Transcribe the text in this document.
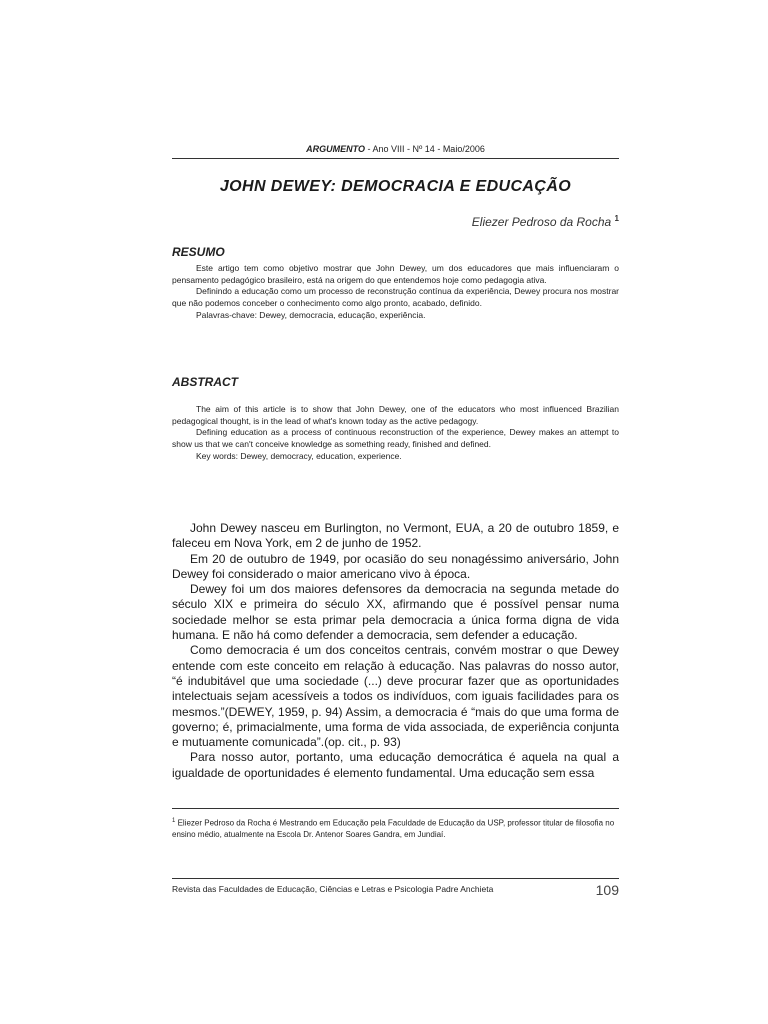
ARGUMENTO - Ano VIII - Nº 14 - Maio/2006
JOHN DEWEY: DEMOCRACIA E EDUCAÇÃO
Eliezer Pedroso da Rocha $^1$
RESUMO

Este artigo tem como objetivo mostrar que John Dewey, um dos educadores que mais influenciaram o pensamento pedagógico brasileiro, está na origem do que entendemos hoje como pedagogia ativa.

Definindo a educação como um processo de reconstrução contínua da experiência, Dewey procura nos mostrar que não podemos conceber o conhecimento como algo pronto, acabado, definido.

Palavras-chave: Dewey, democracia, educação, experiência.

ABSTRACT

The aim of this article is to show that John Dewey, one of the educators who most influenced Brazilian pedagogical thought, is in the lead of what's known today as the active pedagogy.

Defining education as a process of continuous reconstruction of the experience, Dewey makes an attempt to show us that we can't conceive knowledge as something ready, finished and defined.

Key words: Dewey, democracy, education, experience.

John Dewey nasceu em Burlington, no Vermont, EUA, a 20 de outubro 1859, e faleceu em Nova York, em 2 de junho de 1952.

Em 20 de outubro de 1949, por ocasião do seu nonagéssimo aniversário, John Dewey foi considerado o maior americano vivo à época.

Dewey foi um dos maiores defensores da democracia na segunda metade do século XIX e primeira do século XX, afirmando que é possível pensar numa sociedade melhor se esta primar pela democracia a única forma digna de vida humana. E não há como defender a democracia, sem defender a educação.

Como democracia é um dos conceitos centrais, convém mostrar o que Dewey entende com este conceito em relação à educação. Nas palavras do nosso autor, “é indubitável que uma sociedade (...) deve procurar fazer que as oportunidades intelectuais sejam acessíveis a todos os indivíduos, com iguais facilidades para os mesmos.”(DEWEY, 1959, p. 94) Assim, a democracia é “mais do que uma forma de governo; é, primacialmente, uma forma de vida associada, de experiência conjunta e mutuamente comunicada”.(op. cit., p. 93)

Para nosso autor, portanto, uma educação democrática é aquela na qual a igualdade de oportunidades é elemento fundamental. Uma educação sem essa

$^1$ Eliezer Pedroso da Rocha é Mestrando em Educação pela Faculdade de Educação da USP, professor titular de filosofia no ensino médio, atualmente na Escola Dr. Antenor Soares Gandra, em Jundiaí.
Revista das Faculdades de Educação, Ciências e Letras e Psicologia Padre Anchieta	109
